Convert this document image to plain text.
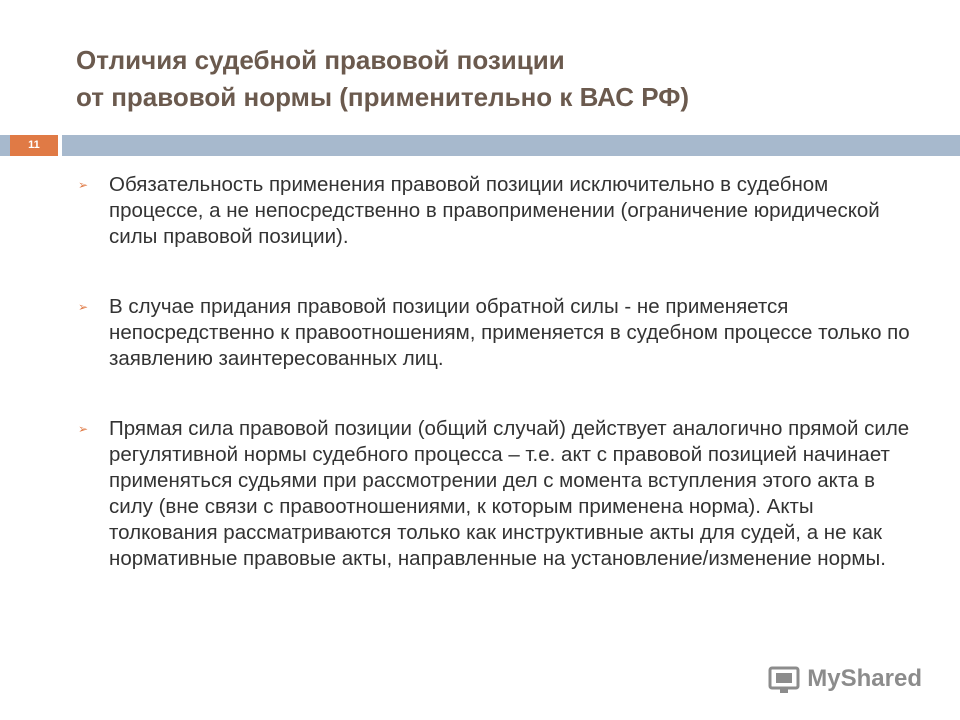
Отличия судебной правовой позиции
от правовой нормы (применительно к ВАС РФ)
11
➢ Обязательность применения правовой позиции исключительно в судебном процессе, а не непосредственно в правоприменении (ограничение юридической силы правовой позиции).
➢ В случае придания правовой позиции обратной силы - не применяется непосредственно к правоотношениям, применяется в судебном процессе только по заявлению заинтересованных лиц.
➢ Прямая сила правовой позиции (общий случай) действует аналогично прямой силе регулятивной нормы судебного процесса – т.е. акт с правовой позицией начинает применяться судьями при рассмотрении дел с момента вступления этого акта в силу (вне связи с правоотношениями, к которым применена норма). Акты толкования рассматриваются только как инструктивные акты для судей, а не как нормативные правовые акты, направленные на установление/изменение нормы.
MyShared
